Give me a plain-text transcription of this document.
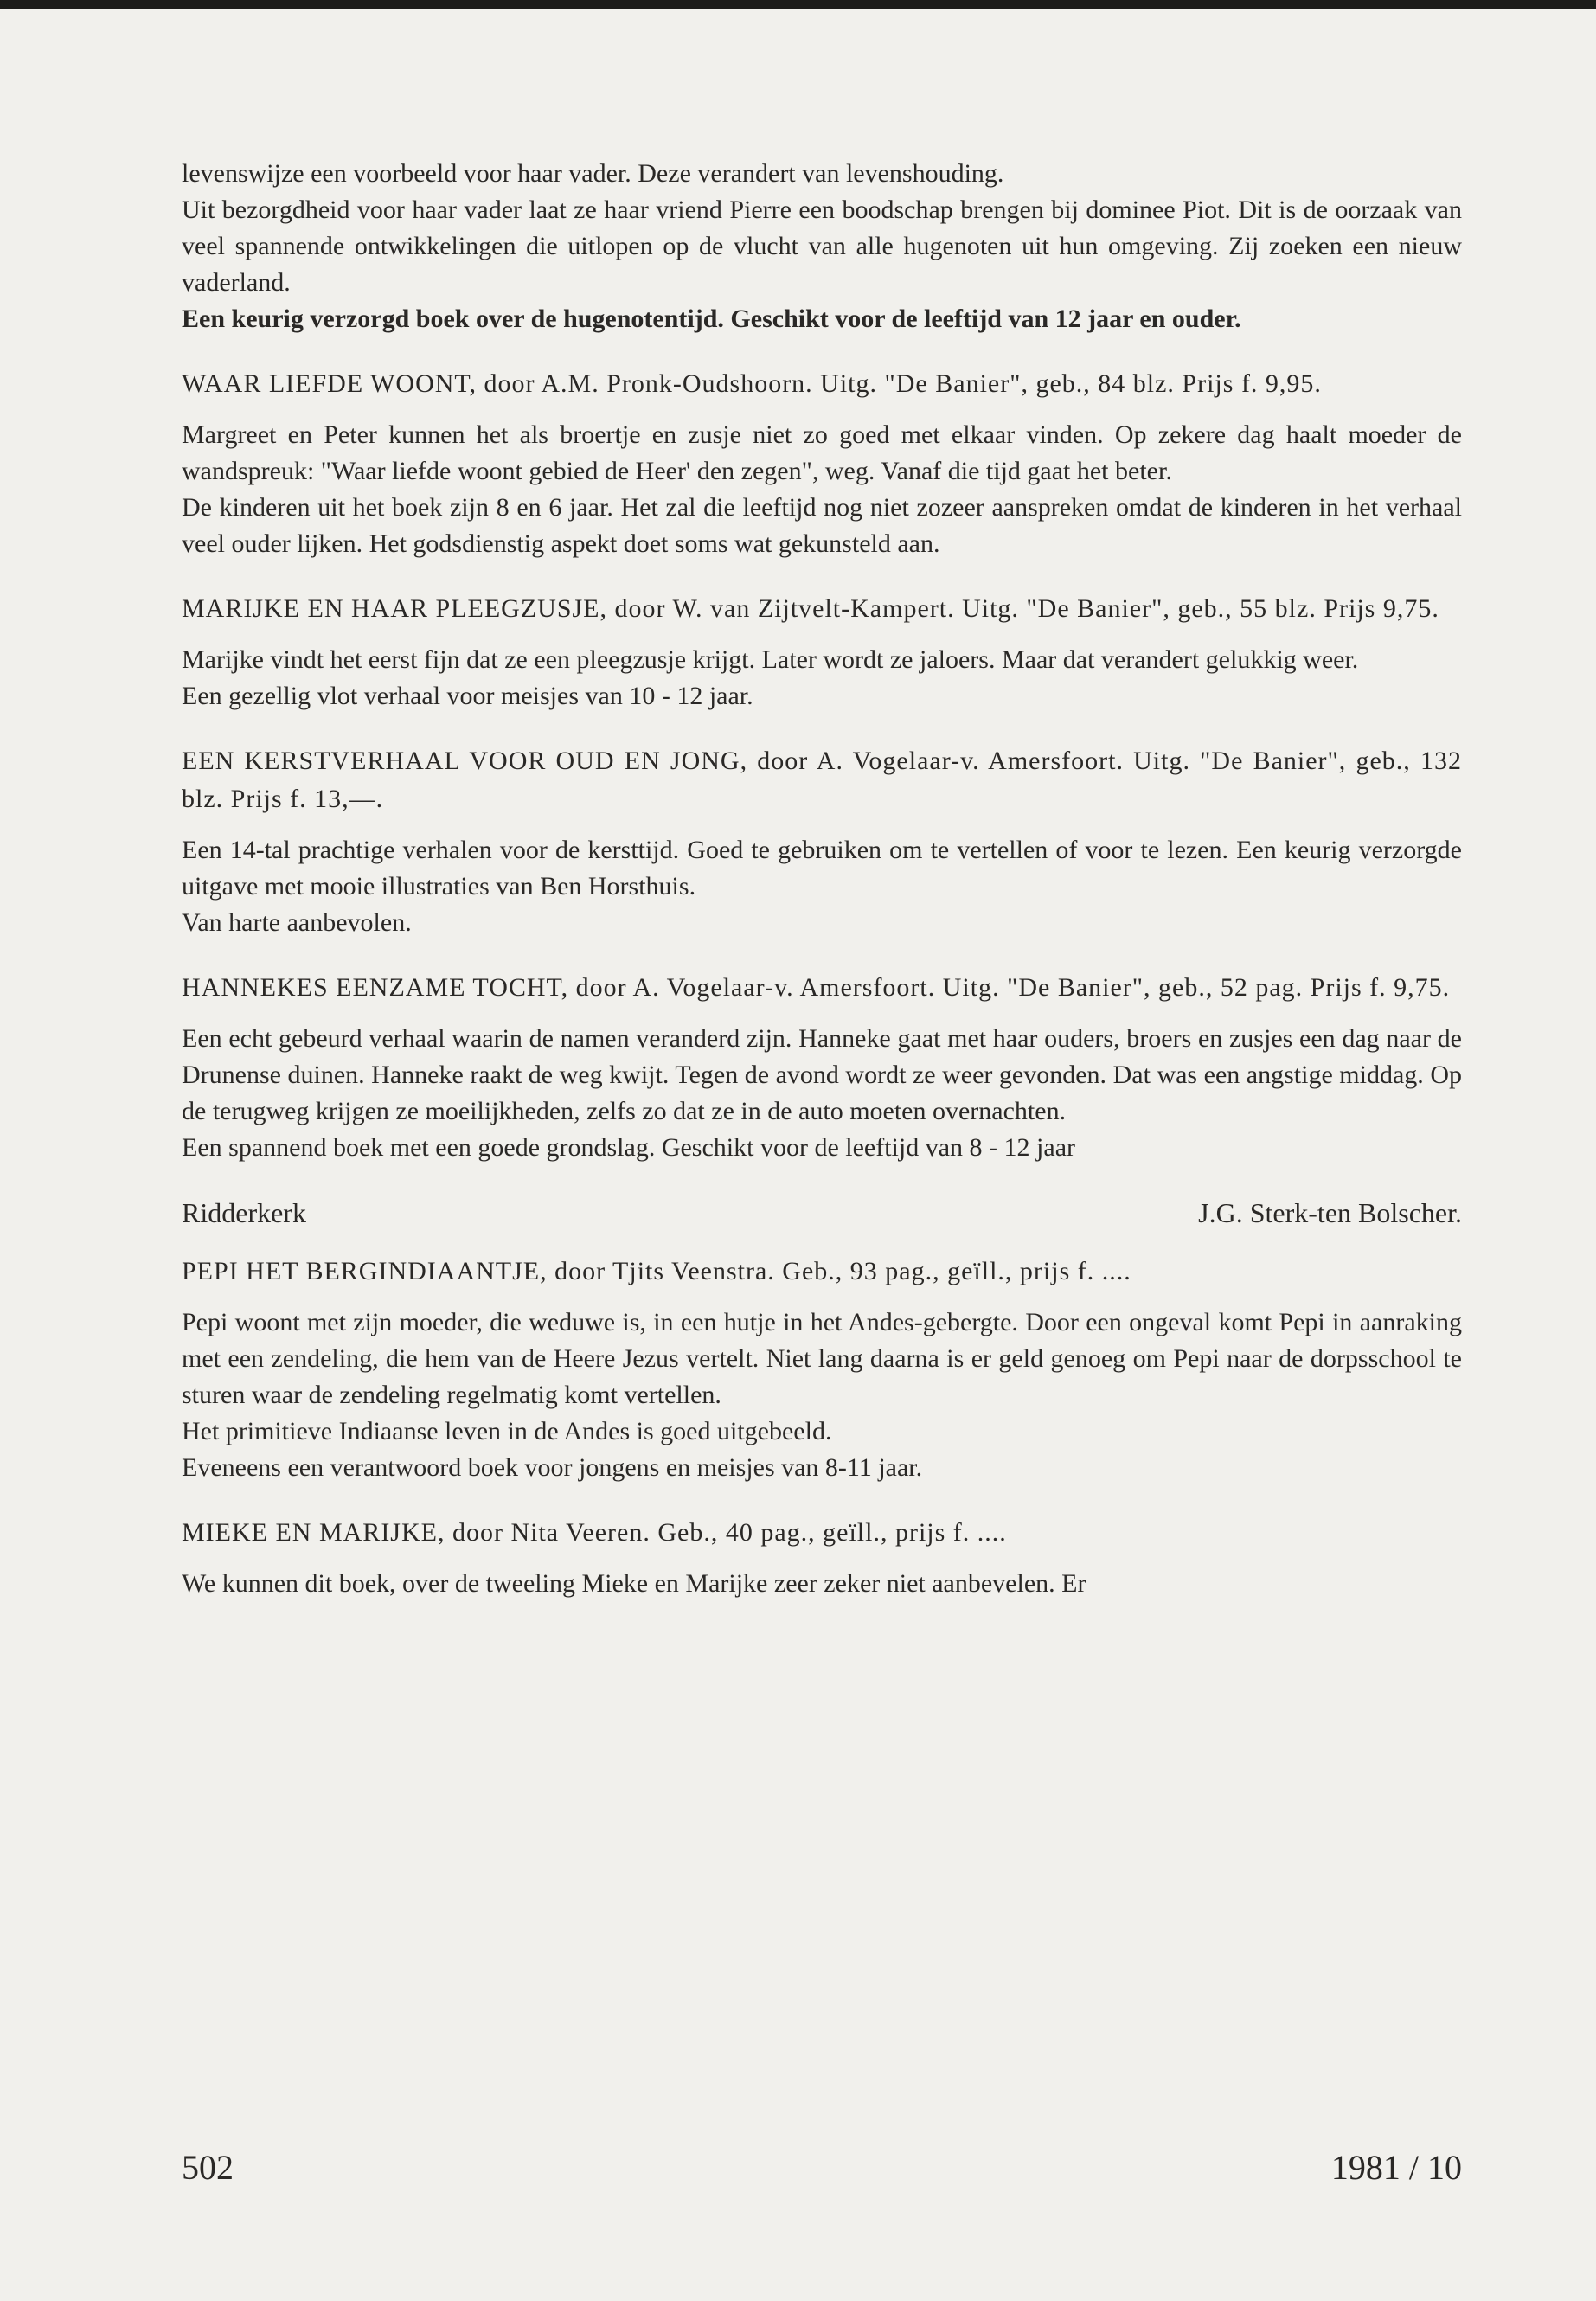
levenswijze een voorbeeld voor haar vader. Deze verandert van levenshouding.

Uit bezorgdheid voor haar vader laat ze haar vriend Pierre een boodschap brengen bij dominee Piot. Dit is de oorzaak van veel spannende ontwikkelingen die uitlopen op de vlucht van alle hugenoten uit hun omgeving. Zij zoeken een nieuw vaderland.

Een keurig verzorgd boek over de hugenotentijd. Geschikt voor de leeftijd van 12 jaar en ouder.

WAAR LIEFDE WOONT, door A.M. Pronk-Oudshoorn. Uitg. "De Banier", geb., 84 blz. Prijs f. 9,95.

Margreet en Peter kunnen het als broertje en zusje niet zo goed met elkaar vinden. Op zekere dag haalt moeder de wandspreuk: "Waar liefde woont gebied de Heer' den zegen", weg. Vanaf die tijd gaat het beter.

De kinderen uit het boek zijn 8 en 6 jaar. Het zal die leeftijd nog niet zozeer aanspreken omdat de kinderen in het verhaal veel ouder lijken. Het godsdienstig aspekt doet soms wat gekunsteld aan.

MARIJKE EN HAAR PLEEGZUSJE, door W. van Zijtvelt-Kampert. Uitg. "De Banier", geb., 55 blz. Prijs 9,75.

Marijke vindt het eerst fijn dat ze een pleegzusje krijgt. Later wordt ze jaloers. Maar dat verandert gelukkig weer.

Een gezellig vlot verhaal voor meisjes van 10 - 12 jaar.

EEN KERSTVERHAAL VOOR OUD EN JONG, door A. Vogelaar-v. Amersfoort. Uitg. "De Banier", geb., 132 blz. Prijs f. 13,—.

Een 14-tal prachtige verhalen voor de kersttijd. Goed te gebruiken om te vertellen of voor te lezen. Een keurig verzorgde uitgave met mooie illustraties van Ben Horsthuis.

Van harte aanbevolen.

HANNEKES EENZAME TOCHT, door A. Vogelaar-v. Amersfoort. Uitg. "De Banier", geb., 52 pag. Prijs f. 9,75.

Een echt gebeurd verhaal waarin de namen veranderd zijn. Hanneke gaat met haar ouders, broers en zusjes een dag naar de Drunense duinen. Hanneke raakt de weg kwijt. Tegen de avond wordt ze weer gevonden. Dat was een angstige middag. Op de terugweg krijgen ze moeilijkheden, zelfs zo dat ze in de auto moeten overnachten.

Een spannend boek met een goede grondslag. Geschikt voor de leeftijd van 8 - 12 jaar

Ridderkerk	J.G. Sterk-ten Bolscher.

PEPI HET BERGINDIAANTJE, door Tjits Veenstra. Geb., 93 pag., geïll., prijs f. ....

Pepi woont met zijn moeder, die weduwe is, in een hutje in het Andes-gebergte. Door een ongeval komt Pepi in aanraking met een zendeling, die hem van de Heere Jezus vertelt. Niet lang daarna is er geld genoeg om Pepi naar de dorpsschool te sturen waar de zendeling regelmatig komt vertellen.

Het primitieve Indiaanse leven in de Andes is goed uitgebeeld.

Eveneens een verantwoord boek voor jongens en meisjes van 8-11 jaar.

MIEKE EN MARIJKE, door Nita Veeren. Geb., 40 pag., geïll., prijs f. ....

We kunnen dit boek, over de tweeling Mieke en Marijke zeer zeker niet aanbevelen. Er

502	1981 / 10
